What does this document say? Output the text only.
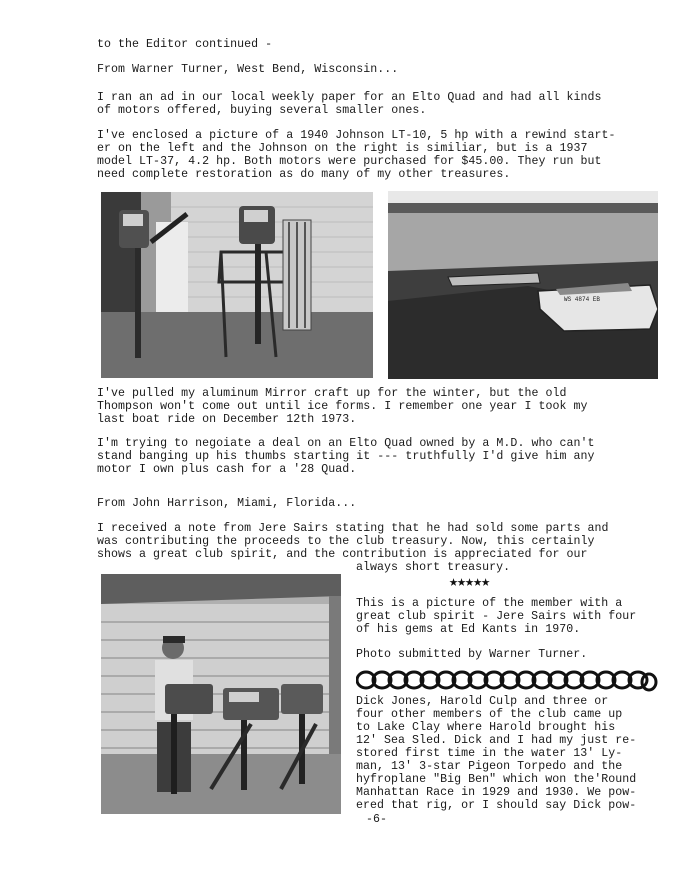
to the Editor continued -
From Warner Turner, West Bend, Wisconsin...
I ran an ad in our local weekly paper for an Elto Quad and had all kinds
of motors offered, buying several smaller ones.
I've enclosed a picture of a 1940 Johnson LT-10, 5 hp with a rewind start-
er on the left and the Johnson on the right is similiar, but is a 1937
model LT-37, 4.2 hp. Both motors were purchased for $45.00. They run but
need complete restoration as do many of my other treasures.
WS 4874 EB
I've pulled my aluminum Mirror craft up for the winter, but the old
Thompson won't come out until ice forms. I remember one year I took my
last boat ride on December 12th 1973.
I'm trying to negoiate a deal on an Elto Quad owned by a M.D. who can't
stand banging up his thumbs starting it --- truthfully I'd give him any
motor I own plus cash for a '28 Quad.
From John Harrison, Miami, Florida...
I received a note from Jere Sairs stating that he had sold some parts and
was contributing the proceeds to the club treasury. Now, this certainly
shows a great club spirit, and the contribution is appreciated for our
always short treasury.
★★★★★
This is a picture of the member with a
great club spirit - Jere Sairs with four
of his gems at Ed Kants in 1970.
Photo submitted by Warner Turner.
Dick Jones, Harold Culp and three or
four other members of the club came up
to Lake Clay where Harold brought his
12' Sea Sled. Dick and I had my just re-
stored first time in the water 13' Ly-
man, 13' 3-star Pigeon Torpedo and the
hyfroplane "Big Ben" which won the'Round
Manhattan Race in 1929 and 1930. We pow-
ered that rig, or I should say Dick pow-
-6-
